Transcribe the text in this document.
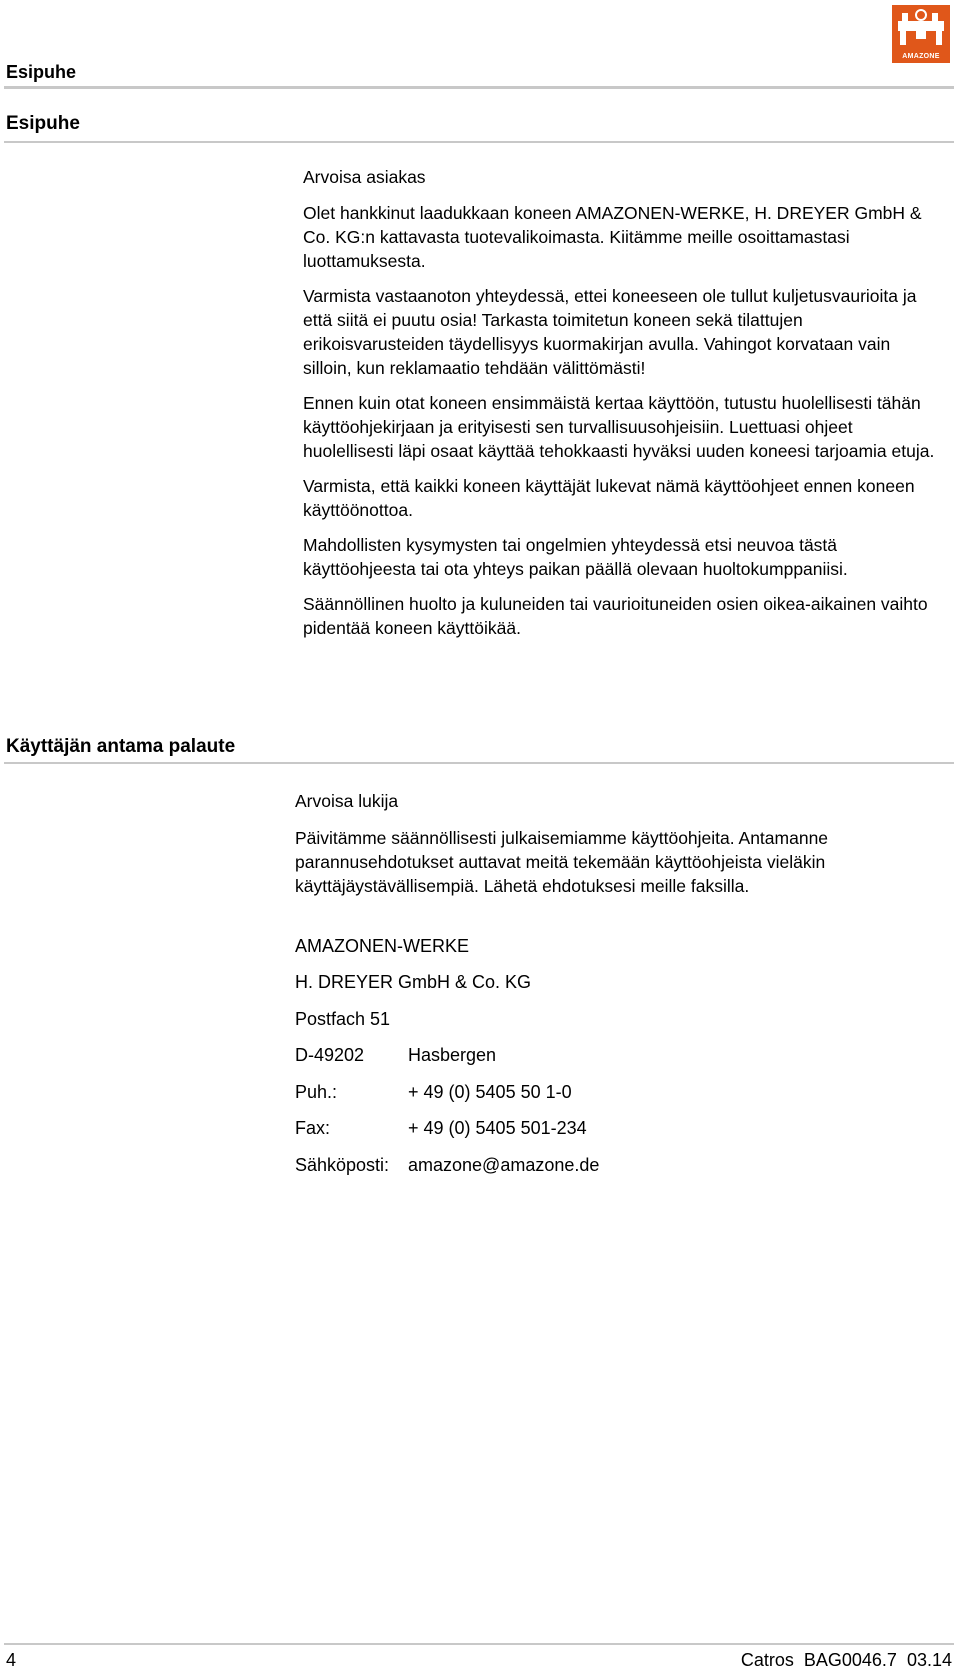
Esipuhe
AMAZONE
Esipuhe
Arvoisa asiakas

Olet hankkinut laadukkaan koneen AMAZONEN-WERKE, H. DREYER GmbH & Co. KG:n kattavasta tuotevalikoimasta. Kiitämme meille osoittamastasi luottamuksesta.

Varmista vastaanoton yhteydessä, ettei koneeseen ole tullut kuljetusvaurioita ja että siitä ei puutu osia! Tarkasta toimitetun koneen sekä tilattujen erikoisvarusteiden täydellisyys kuormakirjan avulla. Vahingot korvataan vain silloin, kun reklamaatio tehdään välittömästi!

Ennen kuin otat koneen ensimmäistä kertaa käyttöön, tutustu huolellisesti tähän käyttöohjekirjaan ja erityisesti sen turvallisuusohjeisiin. Luettuasi ohjeet huolellisesti läpi osaat käyttää tehokkaasti hyväksi uuden koneesi tarjoamia etuja.

Varmista, että kaikki koneen käyttäjät lukevat nämä käyttöohjeet ennen koneen käyttöönottoa.

Mahdollisten kysymysten tai ongelmien yhteydessä etsi neuvoa tästä käyttöohjeesta tai ota yhteys paikan päällä olevaan huoltokumppaniisi.

Säännöllinen huolto ja kuluneiden tai vaurioituneiden osien oikea-aikainen vaihto pidentää koneen käyttöikää.

Käyttäjän antama palaute
Arvoisa lukija
Päivitämme säännöllisesti julkaisemiamme käyttöohjeita. Antamanne parannusehdotukset auttavat meitä tekemään käyttöohjeista vieläkin käyttäjäystävällisempiä. Lähetä ehdotuksesi meille faksilla.
AMAZONEN-WERKE
H. DREYER GmbH & Co. KG
Postfach 51
D-49202 Hasbergen
Puh.:	+ 49 (0) 5405 50 1-0
Fax:	+ 49 (0) 5405 501-234
Sähköposti: amazone@amazone.de
4	Catros  BAG0046.7  03.14
